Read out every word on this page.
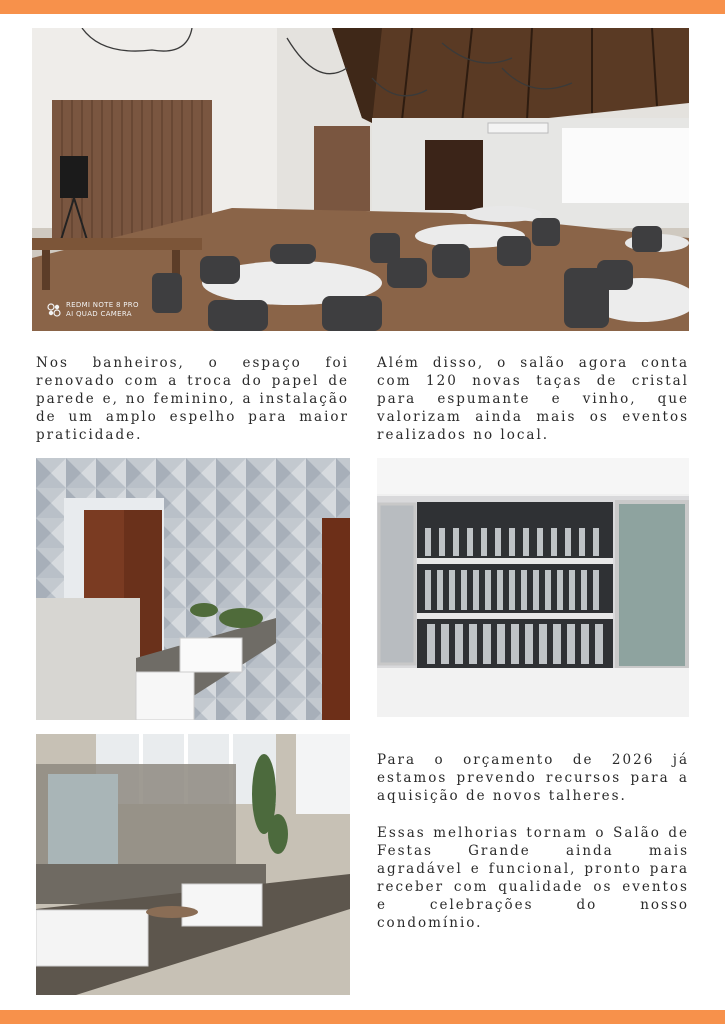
REDMI NOTE 8 PRO
AI QUAD CAMERA
Nos banheiros, o espaço foi renovado com a troca do papel de parede e, no feminino, a instalação de um amplo espelho para maior praticidade.
Além disso, o salão agora conta com 120 novas taças de cristal para espumante e vinho, que valorizam ainda mais os eventos realizados no local.
Para o orçamento de 2026 já estamos prevendo recursos para a aquisição de novos talheres.
Essas melhorias tornam o Salão de Festas Grande ainda mais agradável e funcional, pronto para receber com qualidade os eventos e celebrações do nosso condomínio.
